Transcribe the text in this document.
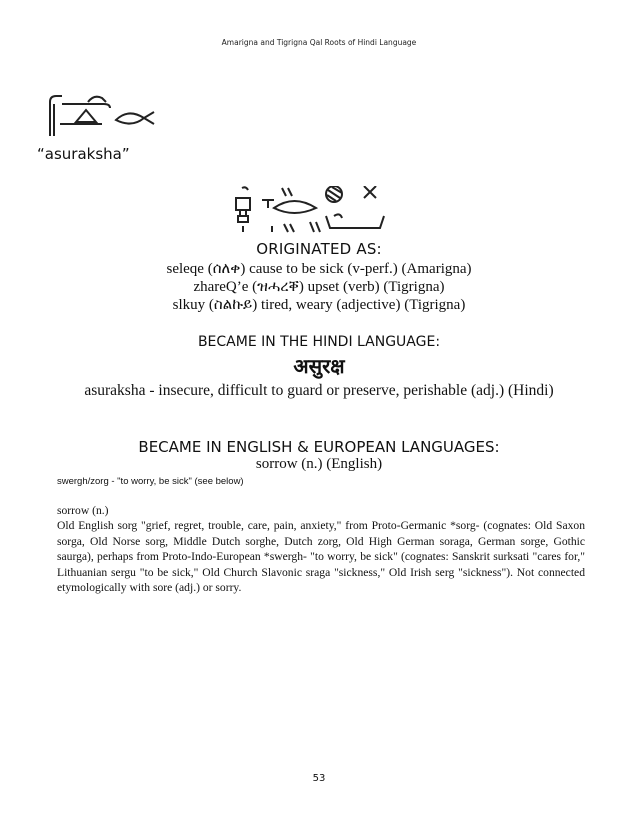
Amarigna and Tigrigna Qal Roots of Hindi Language
“asuraksha”
ORIGINATED AS:
seleqe (ሰለቀ) cause to be sick (v-perf.) (Amarigna)
zhareQ’e (ዝሓረቐ) upset (verb) (Tigrigna)
slkuy (ስልኩይ) tired, weary (adjective) (Tigrigna)
BECAME IN THE HINDI LANGUAGE:
असुरक्ष
asuraksha - insecure, difficult to guard or preserve, perishable (adj.) (Hindi)
BECAME IN ENGLISH & EUROPEAN LANGUAGES:
sorrow (n.) (English)
swergh/zorg - "to worry, be sick" (see below)
sorrow (n.)
Old English sorg "grief, regret, trouble, care, pain, anxiety," from Proto-Germanic *sorg- (cognates: Old Saxon sorga, Old Norse sorg, Middle Dutch sorghe, Dutch zorg, Old High German soraga, German sorge, Gothic saurga), perhaps from Proto-Indo-European *swergh- "to worry, be sick" (cognates: Sanskrit surksati "cares for," Lithuanian sergu "to be sick," Old Church Slavonic sraga "sickness," Old Irish serg "sickness"). Not connected etymologically with sore (adj.) or sorry.
53
